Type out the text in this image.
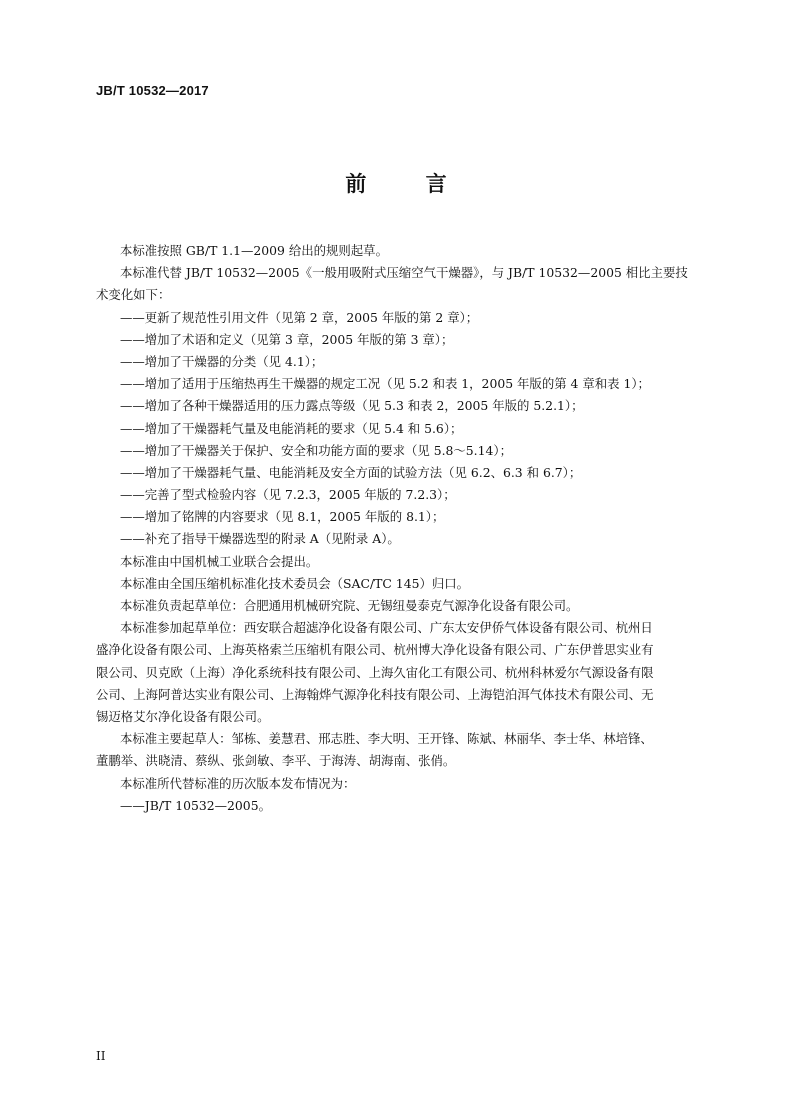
JB/T 10532—2017
前 言
本标准按照 GB/T 1.1—2009 给出的规则起草。
本标准代替 JB/T 10532—2005《一般用吸附式压缩空气干燥器》，与 JB/T 10532—2005 相比主要技
术变化如下：
——更新了规范性引用文件（见第 2 章，2005 年版的第 2 章）；
——增加了术语和定义（见第 3 章，2005 年版的第 3 章）；
——增加了干燥器的分类（见 4.1）；
——增加了适用于压缩热再生干燥器的规定工况（见 5.2 和表 1，2005 年版的第 4 章和表 1）；
——增加了各种干燥器适用的压力露点等级（见 5.3 和表 2，2005 年版的 5.2.1）；
——增加了干燥器耗气量及电能消耗的要求（见 5.4 和 5.6）；
——增加了干燥器关于保护、安全和功能方面的要求（见 5.8～5.14）；
——增加了干燥器耗气量、电能消耗及安全方面的试验方法（见 6.2、6.3 和 6.7）；
——完善了型式检验内容（见 7.2.3，2005 年版的 7.2.3）；
——增加了铭牌的内容要求（见 8.1，2005 年版的 8.1）；
——补充了指导干燥器选型的附录 A（见附录 A）。
本标准由中国机械工业联合会提出。
本标准由全国压缩机标准化技术委员会（SAC/TC 145）归口。
本标准负责起草单位：合肥通用机械研究院、无锡纽曼泰克气源净化设备有限公司。
本标准参加起草单位：西安联合超滤净化设备有限公司、广东太安伊侨气体设备有限公司、杭州日
盛净化设备有限公司、上海英格索兰压缩机有限公司、杭州博大净化设备有限公司、广东伊普思实业有
限公司、贝克欧（上海）净化系统科技有限公司、上海久宙化工有限公司、杭州科林爱尔气源设备有限
公司、上海阿普达实业有限公司、上海翰烨气源净化科技有限公司、上海铠泊洱气体技术有限公司、无
锡迈格艾尔净化设备有限公司。
本标准主要起草人：邹栋、姜慧君、邢志胜、李大明、王开锋、陈斌、林丽华、李士华、林培锋、
董鹏举、洪晓清、蔡纵、张剑敏、李平、于海涛、胡海南、张俏。
本标准所代替标准的历次版本发布情况为：
——JB/T 10532—2005。
II
